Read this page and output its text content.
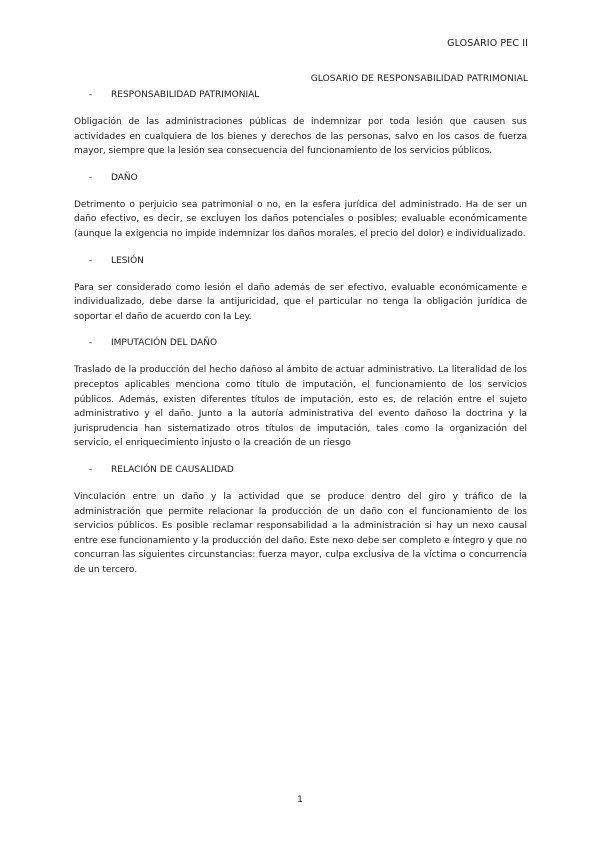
GLOSARIO PEC II
GLOSARIO DE RESPONSABILIDAD PATRIMONIAL
- RESPONSABILIDAD PATRIMONIAL

Obligación de las administraciones públicas de indemnizar por toda lesión que causen sus actividades en cualquiera de los bienes y derechos de las personas, salvo en los casos de fuerza mayor, siempre que la lesión sea consecuencia del funcionamiento de los servicios públicos.

- DAÑO

Detrimento o perjuicio sea patrimonial o no, en la esfera jurídica del administrado. Ha de ser un daño efectivo, es decir, se excluyen los daños potenciales o posibles; evaluable económicamente (aunque la exigencia no impide indemnizar los daños morales, el precio del dolor) e individualizado.

- LESIÓN

Para ser considerado como lesión el daño además de ser efectivo, evaluable económicamente e individualizado, debe darse la antijuricidad, que el particular no tenga la obligación jurídica de soportar el daño de acuerdo con la Ley.

- IMPUTACIÓN DEL DAÑO

Traslado de la producción del hecho dañoso al ámbito de actuar administrativo. La literalidad de los preceptos aplicables menciona como título de imputación, el funcionamiento de los servicios públicos. Además, existen diferentes títulos de imputación, esto es, de relación entre el sujeto administrativo y el daño. Junto a la autoría administrativa del evento dañoso la doctrina y la jurisprudencia han sistematizado otros títulos de imputación, tales como la organización del servicio, el enriquecimiento injusto o la creación de un riesgo

- RELACIÓN DE CAUSALIDAD

Vinculación entre un daño y la actividad que se produce dentro del giro y tráfico de la administración que permite relacionar la producción de un daño con el funcionamiento de los servicios públicos. Es posible reclamar responsabilidad a la administración si hay un nexo causal entre ese funcionamiento y la producción del daño. Este nexo debe ser completo e íntegro y que no concurran las siguientes circunstancias: fuerza mayor, culpa exclusiva de la víctima o concurrencia de un tercero.

1
